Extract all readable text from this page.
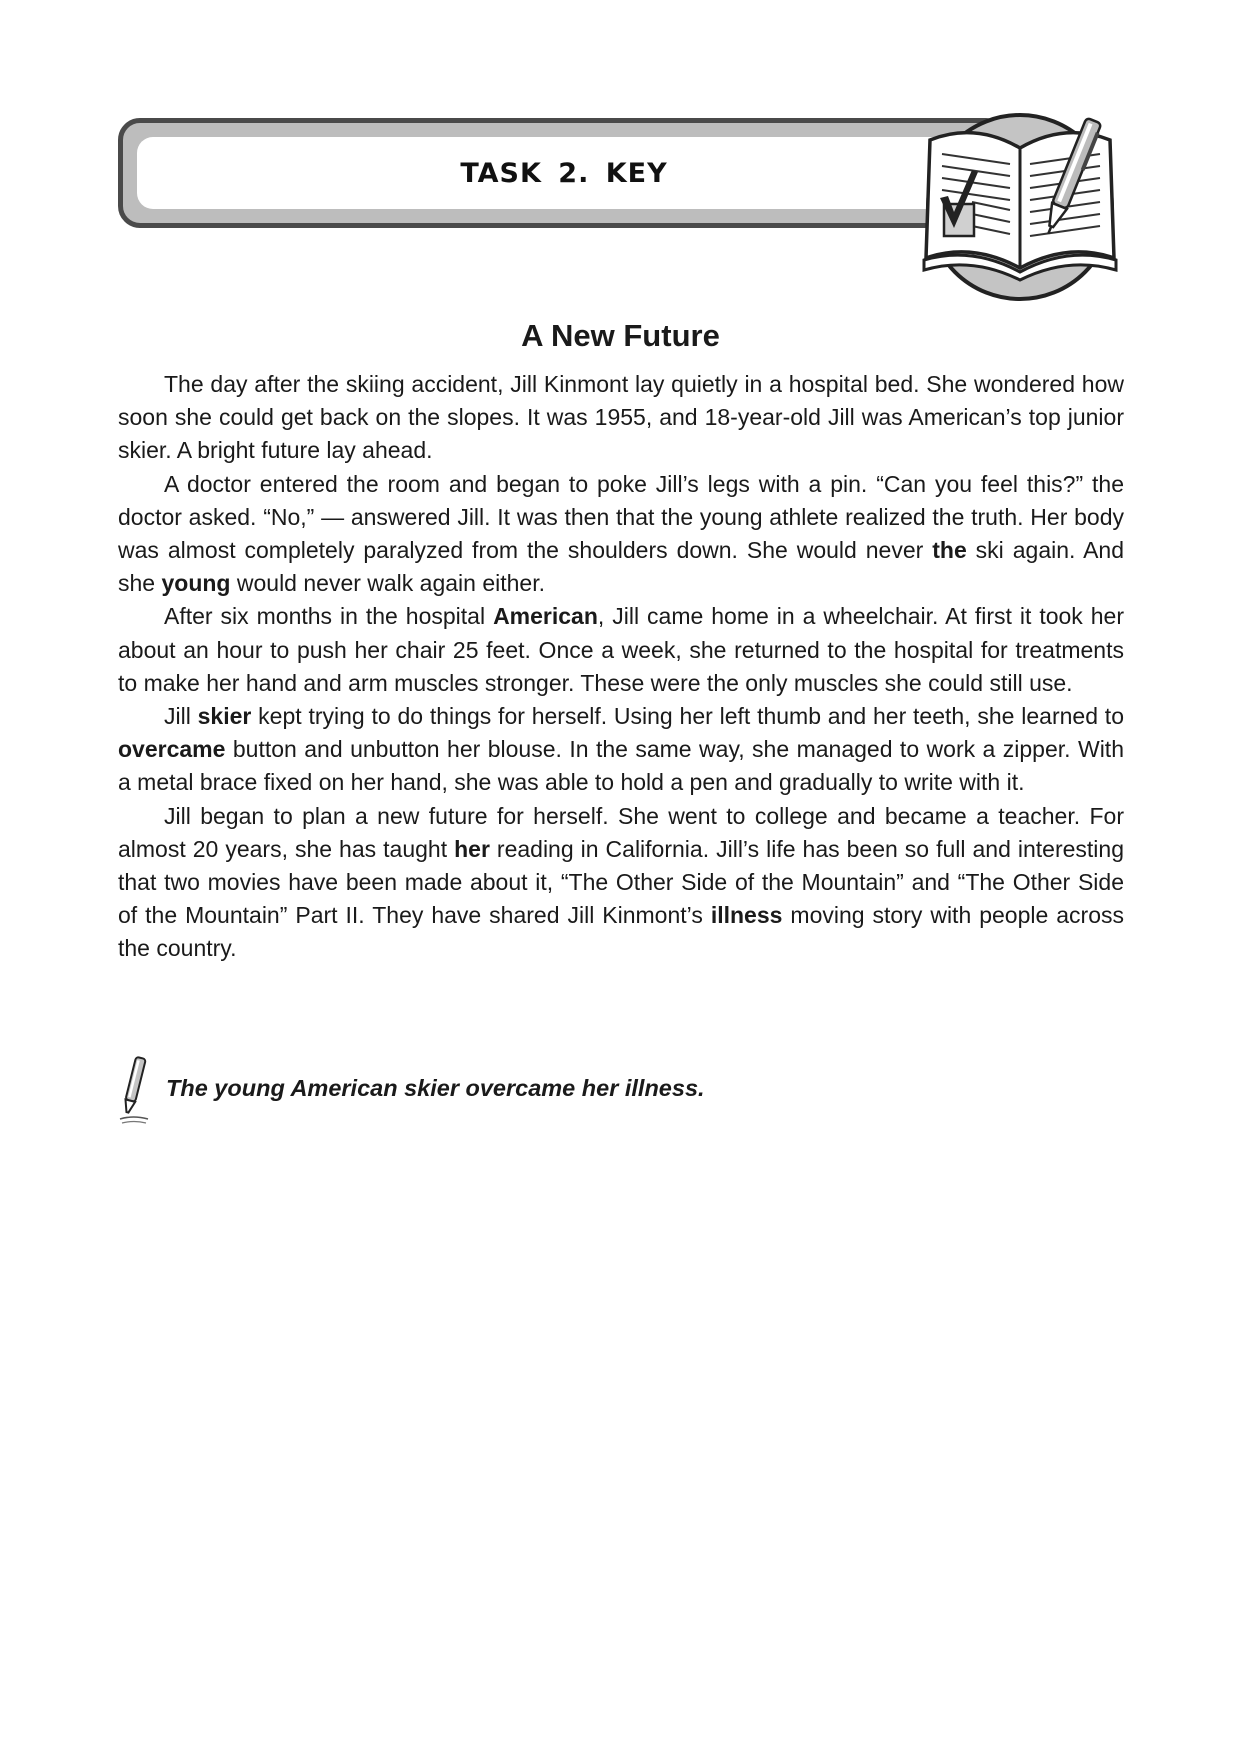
TASK 2. KEY
A New Future

The day after the skiing accident, Jill Kinmont lay quietly in a hospital bed. She wondered how soon she could get back on the slopes. It was 1955, and 18-year-old Jill was American’s top junior skier. A bright future lay ahead.

A doctor entered the room and began to poke Jill’s legs with a pin. “Can you feel this?” the doctor asked. “No,” — answered Jill. It was then that the young athlete realized the truth. Her body was almost completely paralyzed from the shoulders down. She would never the ski again. And she young would never walk again either.

After six months in the hospital American, Jill came home in a wheelchair. At first it took her about an hour to push her chair 25 feet. Once a week, she returned to the hospital for treatments to make her hand and arm muscles stronger. These were the only muscles she could still use.

Jill skier kept trying to do things for herself. Using her left thumb and her teeth, she learned to overcame button and unbutton her blouse. In the same way, she managed to work a zipper. With a metal brace fixed on her hand, she was able to hold a pen and gradually to write with it.

Jill began to plan a new future for herself. She went to college and became a teacher. For almost 20 years, she has taught her reading in California. Jill’s life has been so full and interesting that two movies have been made about it, “The Other Side of the Mountain” and “The Other Side of the Mountain” Part II. They have shared Jill Kinmont’s illness moving story with people across the country.

The young American skier overcame her illness.
